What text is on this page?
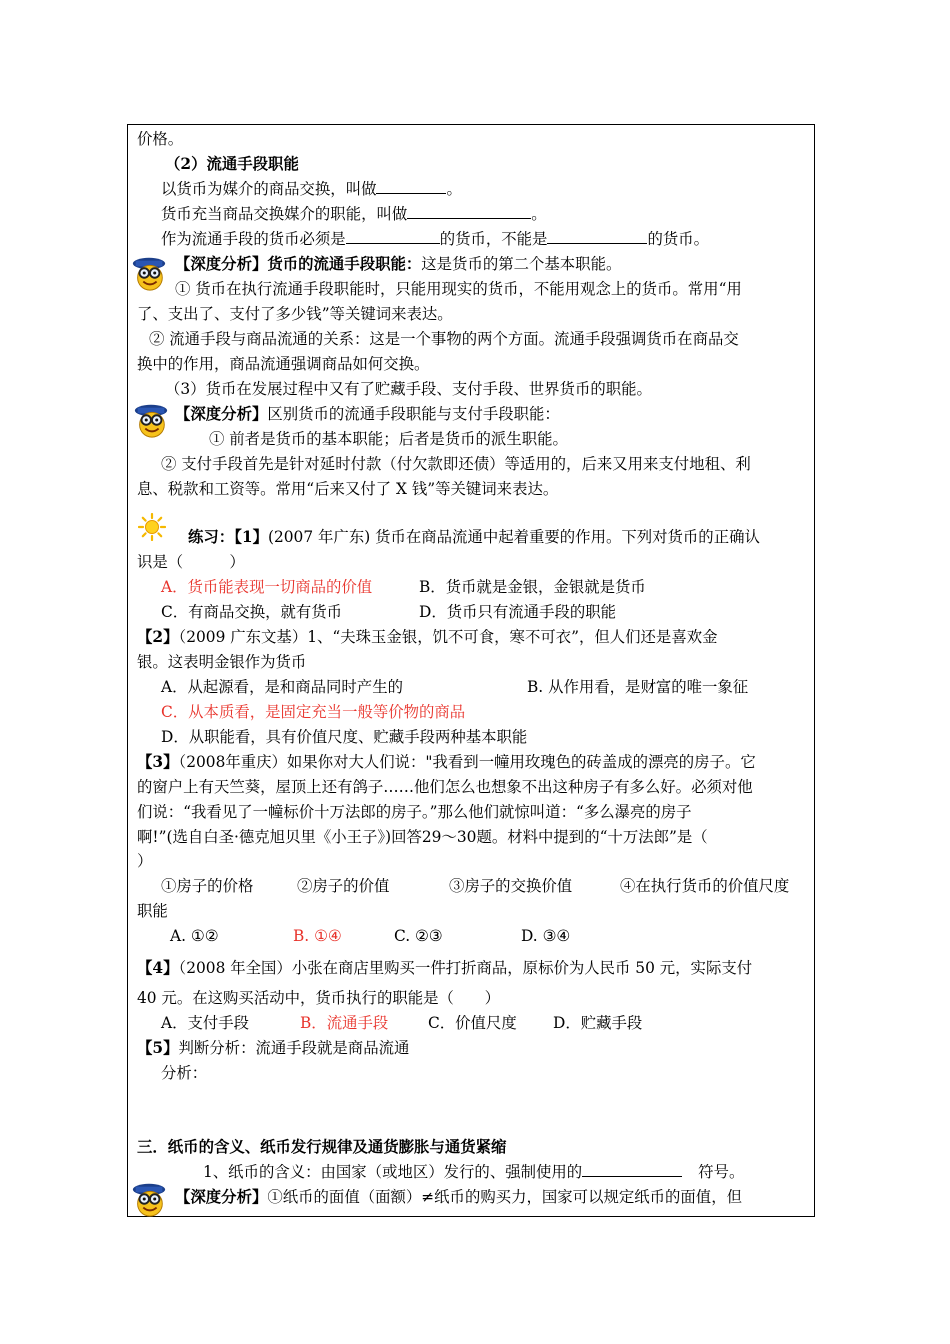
价格。
（2）流通手段职能
以货币为媒介的商品交换，叫做	。
货币充当商品交换媒介的职能，叫做	。
作为流通手段的货币必须是	的货币，不能是	的货币。
【深度分析】货币的流通手段职能：这是货币的第二个基本职能。
① 货币在执行流通手段职能时，只能用现实的货币，不能用观念上的货币。常用“用
了、支出了、支付了多少钱”等关键词来表达。
② 流通手段与商品流通的关系：这是一个事物的两个方面。流通手段强调货币在商品交
换中的作用，商品流通强调商品如何交换。
（3）货币在发展过程中又有了贮藏手段、支付手段、世界货币的职能。
【深度分析】区别货币的流通手段职能与支付手段职能：
① 前者是货币的基本职能；后者是货币的派生职能。
② 支付手段首先是针对延时付款（付欠款即还债）等适用的，后来又用来支付地租、利
息、税款和工资等。常用“后来又付了 X 钱”等关键词来表达。
练习：【1】(2007 年广东) 货币在商品流通中起着重要的作用。下列对货币的正确认
识是（　　　）
A．货币能表现一切商品的价值	B．货币就是金银，金银就是货币
C．有商品交换，就有货币	D．货币只有流通手段的职能
【2】（2009 广东文基）1、“夫珠玉金银，饥不可食，寒不可衣”，但人们还是喜欢金
银。这表明金银作为货币
A．从起源看，是和商品同时产生的	B. 从作用看，是财富的唯一象征
C．从本质看，是固定充当一般等价物的商品
D．从职能看，具有价值尺度、贮藏手段两种基本职能
【3】（2008年重庆）如果你对大人们说："我看到一幢用玫瑰色的砖盖成的漂亮的房子。它
的窗户上有天竺葵，屋顶上还有鸽子……他们怎么也想象不出这种房子有多么好。必须对他
们说：“我看见了一幢标价十万法郎的房子。”那么他们就惊叫道：“多么瀑亮的房子
啊!”(选自白圣·德克旭贝里《小王子》)回答29～30题。材料中提到的“十万法郎”是（
）
①房子的价格	②房子的价值	③房子的交换价值	④在执行货币的价值尺度
职能
A. ①②	B. ①④	C. ②③	D. ③④
【4】（2008 年全国）小张在商店里购买一件打折商品，原标价为人民币 50 元，实际支付
40 元。在这购买活动中，货币执行的职能是（　　）
A．支付手段	B．流通手段	C．价值尺度 D．贮藏手段
【5】判断分析：流通手段就是商品流通
分析：
三．纸币的含义、纸币发行规律及通货膨胀与通货紧缩
1、纸币的含义：由国家（或地区）发行的、强制使用的	符号。
【深度分析】①纸币的面值（面额）≠纸币的购买力，国家可以规定纸币的面值，但
